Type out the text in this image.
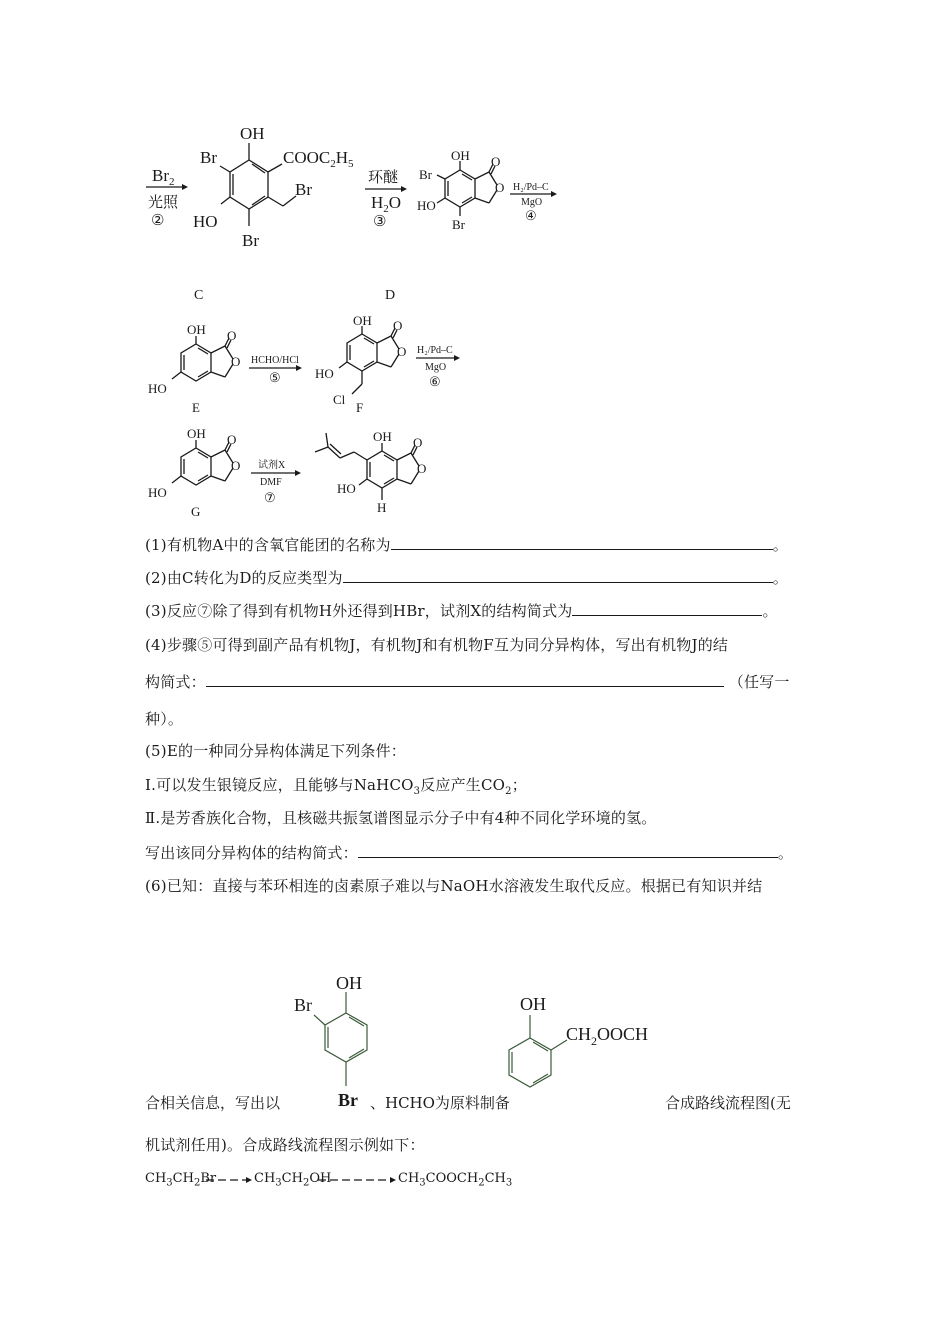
$Br_2$
光照
②
OH
Br	$COOC_2H_5$
Br
HO
Br
环醚
$H_2O$
③
OH O
O
Br
HO
Br
H₂/Pd–C
MgO
④
C	D
OH O
O
HO
E
HCHO/HCl
⑤
OH O
O
HO
Cl
F
H₂/Pd–C
MgO
⑥
OH O
O
HO
G
试剂X
DMF
⑦
OH O
O
HO
H
OH
Br
Br
OH
$CH_2OOCH$
(1)有机物A中的含氧官能团的名称为	。
(2)由C转化为D的反应类型为	。
(3)反应⑦除了得到有机物H外还得到HBr，试剂X的结构简式为	。
(4)步骤⑤可得到副产品有机物J，有机物J和有机物F互为同分异构体，写出有机物J的结
构简式：	（任写一
种）。
(5)E的一种同分异构体满足下列条件：
Ⅰ.可以发生银镜反应，且能够与NaHCO$_3$反应产生$CO_2$；
Ⅱ.是芳香族化合物，且核磁共振氢谱图显示分子中有4种不同化学环境的氢。
写出该同分异构体的结构简式：	。
(6)已知：直接与苯环相连的卤素原子难以与NaOH水溶液发生取代反应。根据已有知识并结
合相关信息，写出以	、HCHO为原料制备	合成路线流程图(无
机试剂任用)。合成路线流程图示例如下：
$CH_3CH_2Br$	$CH_3CH_2OH$	$CH_3COOCH_2CH_3$
